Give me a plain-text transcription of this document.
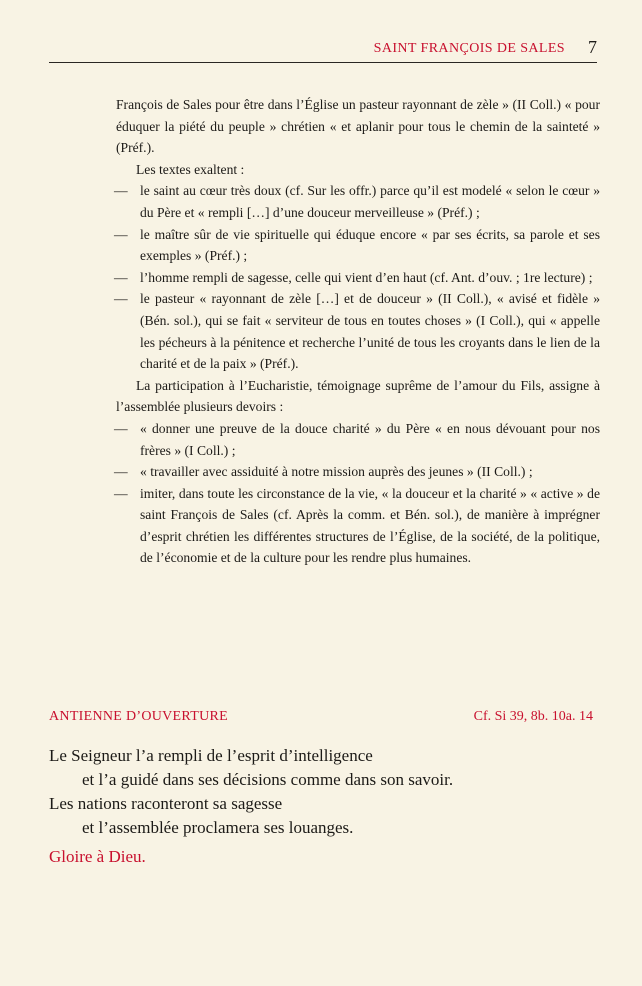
SAINT FRANÇOIS DE SALES 7

François de Sales pour être dans l’Église un pasteur rayonnant de zèle » (II Coll.) « pour éduquer la piété du peuple » chrétien « et aplanir pour tous le chemin de la sainteté » (Préf.).

Les textes exaltent :

— le saint au cœur très doux (cf. Sur les offr.) parce qu’il est modelé « selon le cœur » du Père et « rempli […] d’une douceur merveilleuse » (Préf.) ;

— le maître sûr de vie spirituelle qui éduque encore « par ses écrits, sa parole et ses exemples » (Préf.) ;

— l’homme rempli de sagesse, celle qui vient d’en haut (cf. Ant. d’ouv. ; 1re lecture) ;

— le pasteur « rayonnant de zèle […] et de douceur » (II Coll.), « avisé et fidèle » (Bén. sol.), qui se fait « serviteur de tous en toutes choses » (I Coll.), qui « appelle les pécheurs à la pénitence et recherche l’unité de tous les croyants dans le lien de la charité et de la paix » (Préf.).

La participation à l’Eucharistie, témoignage suprême de l’amour du Fils, assigne à l’assemblée plusieurs devoirs :

— « donner une preuve de la douce charité » du Père « en nous dévouant pour nos frères » (I Coll.) ;

— « travailler avec assiduité à notre mission auprès des jeunes » (II Coll.) ;

— imiter, dans toute les circonstance de la vie, « la douceur et la charité » « active » de saint François de Sales (cf. Après la comm. et Bén. sol.), de manière à imprégner d’esprit chrétien les différentes structures de l’Église, de la société, de la politique, de l’économie et de la culture pour les rendre plus humaines.

ANTIENNE D’OUVERTURE	Cf. Si 39, 8b. 10a. 14
Le Seigneur l’a rempli de l’esprit d’intelligence
et l’a guidé dans ses décisions comme dans son savoir.
Les nations raconteront sa sagesse
et l’assemblée proclamera ses louanges.
Gloire à Dieu.
